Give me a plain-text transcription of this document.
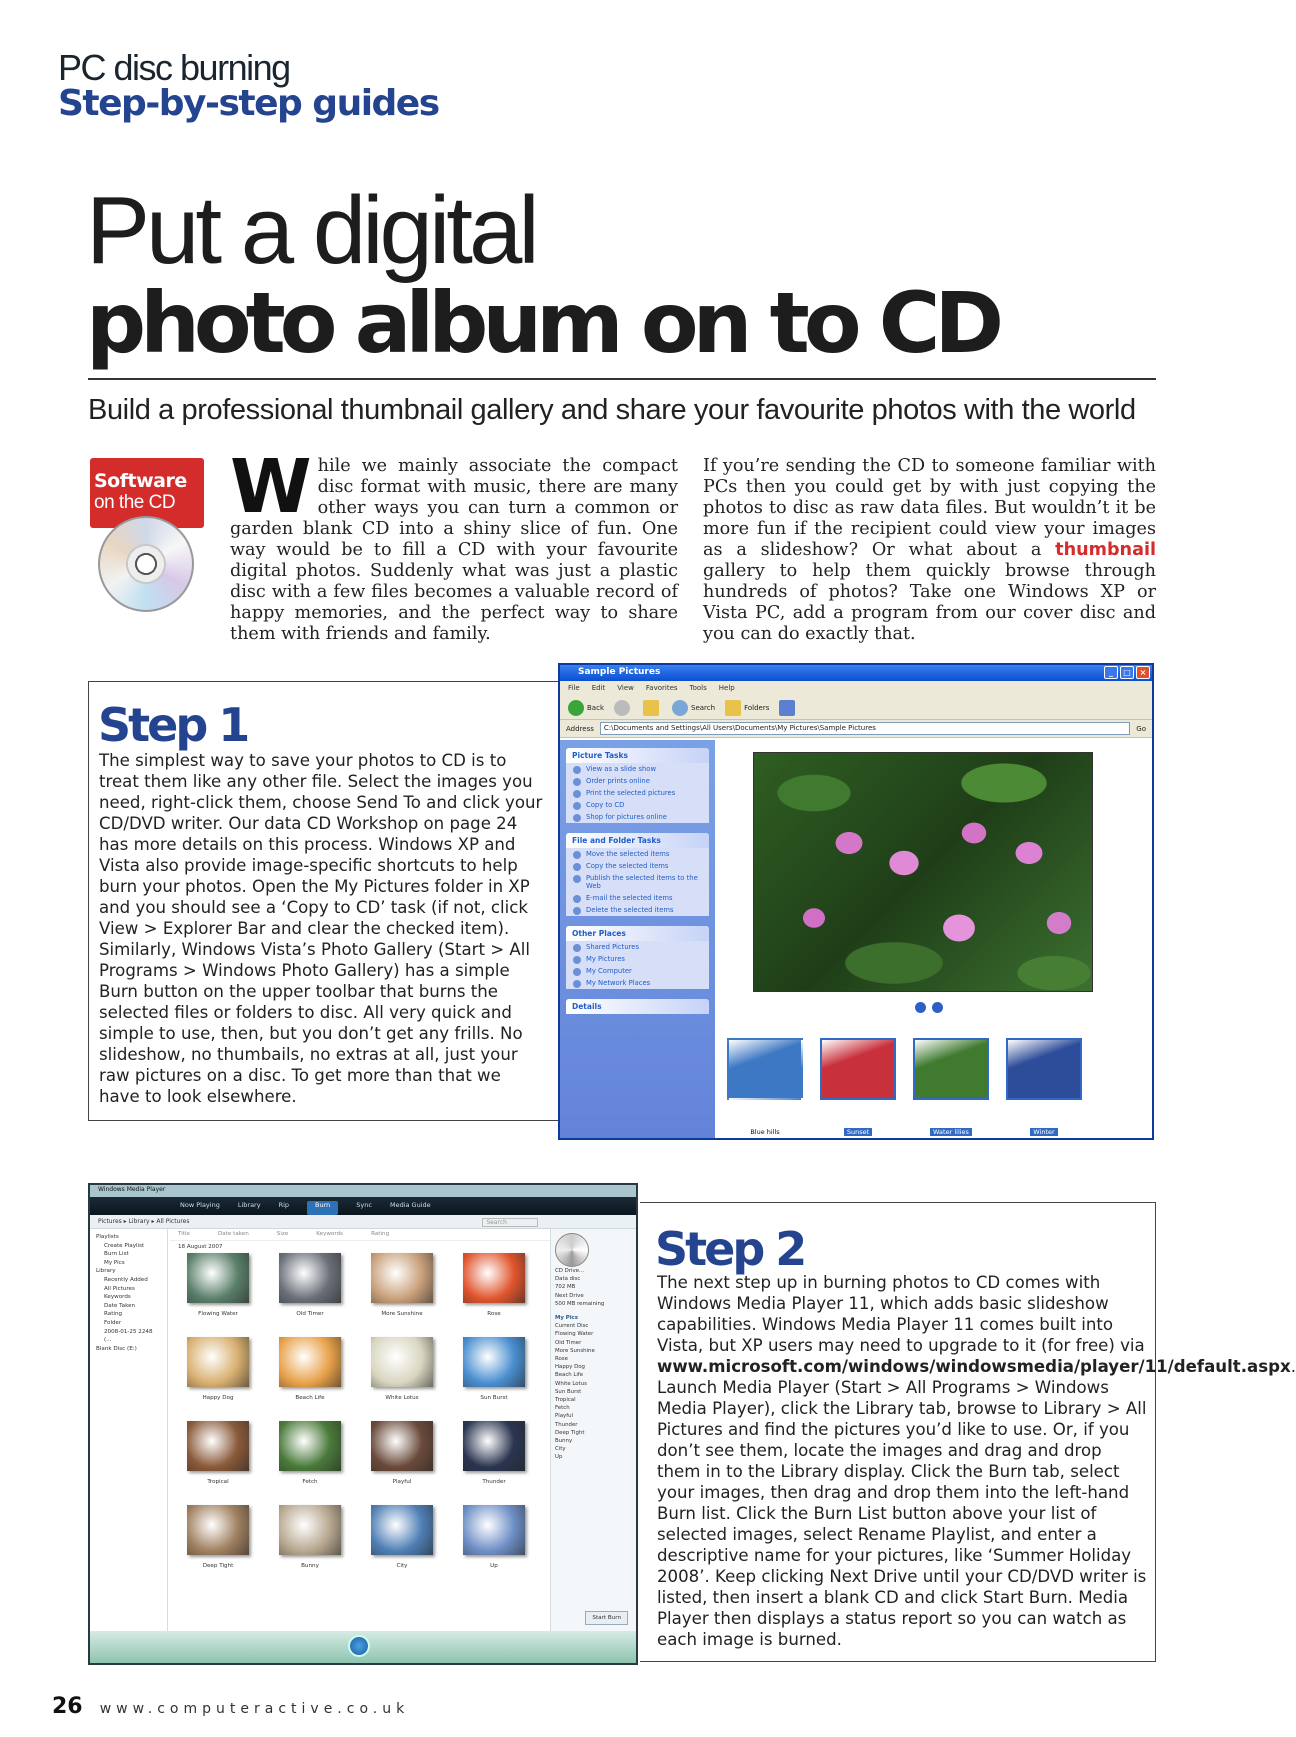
PC disc burning
Step-by-step guides
Put a digital
photo album on to CD
Build a professional thumbnail gallery and share your favourite photos with the world
Software
on the CD While we mainly associate the compact disc format with music, there are many other ways you can turn a common or garden blank CD into a shiny slice of fun. One way would be to fill a CD with your favourite digital photos. Suddenly what was just a plastic disc with a few files becomes a valuable record of happy memories, and the perfect way to share them with friends and family.
If you’re sending the CD to someone familiar with PCs then you could get by with just copying the photos to disc as raw data files. But wouldn’t it be more fun if the recipient could view your images as a slideshow? Or what about a thumbnail gallery to help them quickly browse through hundreds of photos? Take one Windows XP or Vista PC, add a program from our cover disc and you can do exactly that.
Step 1
The simplest way to save your photos to CD is to treat them like any other file. Select the images you need, right-click them, choose Send To and click your CD/DVD writer. Our data CD Workshop on page 24 has more details on this process. Windows XP and Vista also provide image-specific shortcuts to help burn your photos. Open the My Pictures folder in XP and you should see a ‘Copy to CD’ task (if not, click View > Explorer Bar and clear the checked item). Similarly, Windows Vista’s Photo Gallery (Start > All Programs > Windows Photo Gallery) has a simple Burn button on the upper toolbar that burns the selected files or folders to disc. All very quick and simple to use, then, but you don’t get any frills. No slideshow, no thumbails, no extras at all, just your raw pictures on a disc. To get more than that we have to look elsewhere.
Sample Pictures	_	□	×
File Edit View Favorites Tools Help
Back	Search	Folders
Address	C:\Documents and Settings\All Users\Documents\My Pictures\Sample Pictures	Go
Picture Tasks
View as a slide show
Order prints online
Print the selected pictures
Copy to CD
Shop for pictures online
File and Folder Tasks
Move the selected items
Copy the selected items
Publish the selected items to the Web
E-mail the selected items
Delete the selected items
Other Places
Shared Pictures
My Pictures
My Computer
My Network Places
Details

Blue hills	Sunset	Water lilies	Winter
Step 2
The next step up in burning photos to CD comes with Windows Media Player 11, which adds basic slideshow capabilities. Windows Media Player 11 comes built into Vista, but XP users may need to upgrade to it (for free) via www.microsoft.com/windows/windowsmedia/player/11/default.aspx. Launch Media Player (Start > All Programs > Windows Media Player), click the Library tab, browse to Library > All Pictures and find the pictures you’d like to use. Or, if you don’t see them, locate the images and drag and drop them in to the Library display. Click the Burn tab, select your images, then drag and drop them into the left-hand Burn list. Click the Burn List button above your list of selected images, select Rename Playlist, and enter a descriptive name for your pictures, like ‘Summer Holiday 2008’. Keep clicking Next Drive until your CD/DVD writer is listed, then insert a blank CD and click Start Burn. Media Player then displays a status report so you can watch as each image is burned.
Windows Media Player
Now Playing	Library	Rip	Burn	Sync	Media Guide
Pictures ▸ Library ▸ All Pictures	Search
Playlists
Create Playlist
Burn List
My Pics
Library
Recently Added
All Pictures
Keywords
Date Taken
Rating
Folder
2008-01-25 2248 (...
Blank Disc (E:)
Title	Date taken	Size	Keywords	Rating
18 August 2007
Flowing Water	Old Timer	More Sunshine	Rose
Happy Dog	Beach Life	White Lotus	Sun Burst
Tropical	Fetch	Playful	Thunder
Deep Tight	Bunny	City	Up

CD Drive...
Data disc
702 MB
Next Drive
500 MB remaining
My Pics
Current Disc
Flowing Water
Old Timer
More Sunshine
Rose
Happy Dog
Beach Life
White Lotus
Sun Burst
Tropical
Fetch
Playful
Thunder
Deep Tight
Bunny
City
Up
Start Burn
26 www.computeractive.co.uk
